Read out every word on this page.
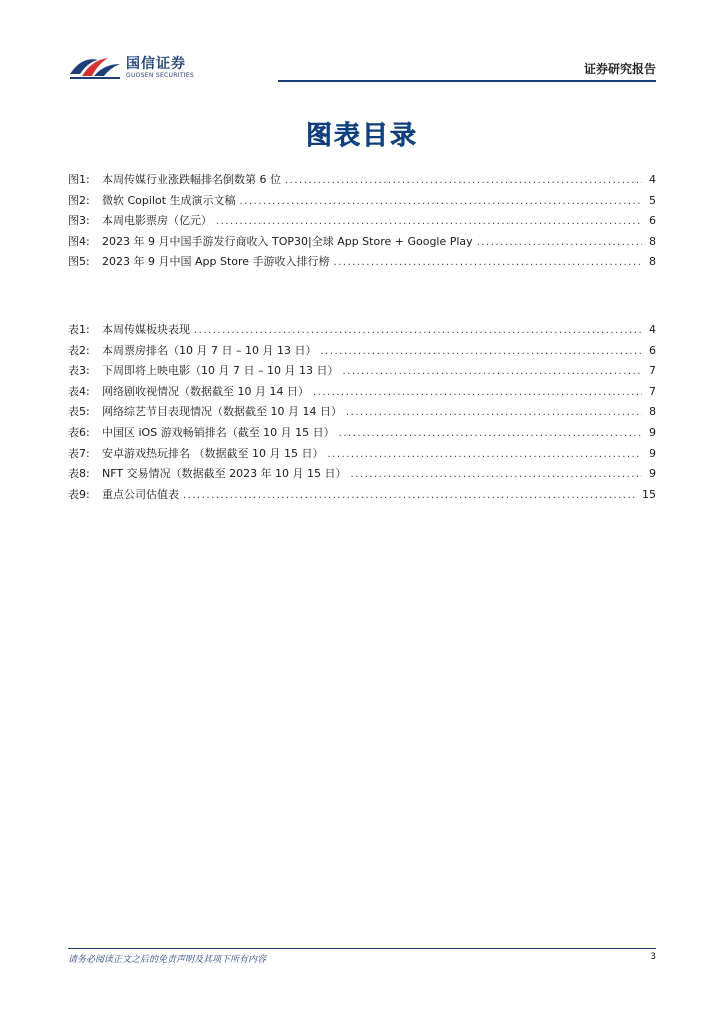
国信证券
GUOSEN SECURITIES	证券研究报告
图表目录
图1:	本周传媒行业涨跌幅排名倒数第 6 位 .....	4
图2:	微软 Copilot 生成演示文稿 .....	5
图3:	本周电影票房（亿元） .....	6
图4:	2023 年 9 月中国手游发行商收入 TOP30|全球 App Store + Google Play .....	8
图5:	2023 年 9 月中国 App Store 手游收入排行榜 .....	8
表1:	本周传媒板块表现 .....	4
表2:	本周票房排名（10 月 7 日 – 10 月 13 日） .....	6
表3:	下周即将上映电影（10 月 7 日 – 10 月 13 日） .....	7
表4:	网络剧收视情况（数据截至 10 月 14 日） .....	7
表5:	网络综艺节目表现情况（数据截至 10 月 14 日） .....	8
表6:	中国区 iOS 游戏畅销排名（截至 10 月 15 日） .....	9
表7:	安卓游戏热玩排名 （数据截至 10 月 15 日） .....	9
表8:	NFT 交易情况（数据截至 2023 年 10 月 15 日） .....	9
表9:	重点公司估值表 .....	15
请务必阅读正文之后的免责声明及其项下所有内容	3
